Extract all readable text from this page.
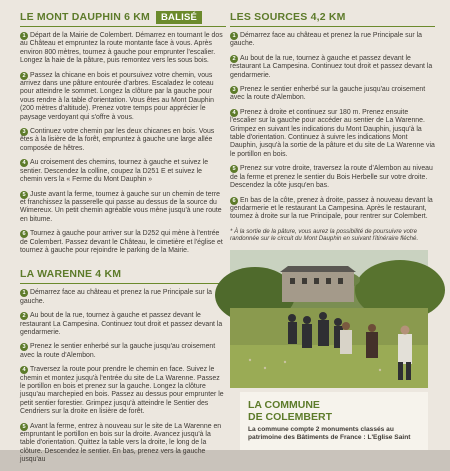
LE MONT DAUPHIN 6 KM BALISÉ

1 Départ de la Mairie de Colembert. Démarrez en tournant le dos au Château et empruntez la route montante face à vous. Après environ 800 mètres, tournez à gauche pour emprunter l'escalier. Longez la haie de la pâture, puis remontez vers les sous bois.

2 Passez la chicane en bois et poursuivez votre chemin, vous arrivez dans une pâture entourée d'arbres. Escaladez le coteau pour atteindre le sommet. Longez la clôture par la gauche pour vous rendre à la table d'orientation. Vous êtes au Mont Dauphin (200 mètres d'altitude). Prenez votre temps pour apprécier le paysage verdoyant qui s'offre à vous.

3 Continuez votre chemin par les deux chicanes en bois. Vous êtes à la lisière de la forêt, empruntez à gauche une large allée composée de hêtres.

4 Au croisement des chemins, tournez à gauche et suivez le sentier. Descendez la colline, coupez la D251 E et suivez le chemin vers la « Ferme du Mont Dauphin »

5 Juste avant la ferme, tournez à gauche sur un chemin de terre et franchissez la passerelle qui passe au dessus de la source du Wimereux. Un petit chemin agréable vous mène jusqu'à une route en bitume.

6 Tournez à gauche pour arriver sur la D252 qui mène à l'entrée de Colembert. Passez devant le Château, le cimetière et l'église et tournez à gauche pour rejoindre le parking de la Mairie.

LA WARENNE 4 KM

1 Démarrez face au château et prenez la rue Principale sur la gauche.

2 Au bout de la rue, tournez à gauche et passez devant le restaurant La Campesina. Continuez tout droit et passez devant la gendarmerie.

3 Prenez le sentier enherbé sur la gauche jusqu'au croisement avec la route d'Alembon.

4 Traversez la route pour prendre le chemin en face. Suivez le chemin et montez jusqu'à l'entrée du site de La Warenne. Passez le portillon en bois et prenez sur la gauche. Longez la clôture jusqu'au marchepied en bois. Passez au dessus pour emprunter le petit sentier forestier. Grimpez jusqu'à atteindre le Sentier des Cendriers sur la droite en lisière de forêt.

5 Avant la ferme, entrez à nouveau sur le site de La Warenne en empruntant le portillon en bois sur la droite. Avancez jusqu'à la table d'orientation. Quittez la table vers la droite, le long de la clôture. Descendez le sentier. En bas, prenez vers la gauche jusqu'au

LES SOURCES 4,2 KM

1 Démarrez face au château et prenez la rue Principale sur la gauche.

2 Au bout de la rue, tournez à gauche et passez devant le restaurant La Campesina. Continuez tout droit et passez devant la gendarmerie.

3 Prenez le sentier enherbé sur la gauche jusqu'au croisement avec la route d'Alembon.

4 Prenez à droite et continuez sur 180 m. Prenez ensuite l'escalier sur la gauche pour accéder au sentier de La Warenne. Grimpez en suivant les indications du Mont Dauphin, jusqu'à la table d'orientation. Continuez à suivre les indications Mont Dauphin, jusqu'à la sortie de la pâture et du site de La Warenne via le portillon en bois.

5 Prenez sur votre droite, traversez la route d'Alembon au niveau de la ferme et prenez le sentier du Bois Herbelle sur votre droite. Descendez la côte jusqu'en bas.

6 En bas de la côte, prenez à droite, passez à nouveau devant la gendarmerie et le restaurant La Campesina. Après le restaurant, tournez à droite sur la rue Principale, pour rentrer sur Colembert.

* À la sortie de la pâture, vous aurez la possibilité de poursuivre votre randonnée sur le circuit du Mont Dauphin en suivant l'itinéraire fléché.

LA COMMUNE
DE COLEMBERT

La commune compte 2 monuments classés au patrimoine des Bâtiments de France : L'Eglise Saint
